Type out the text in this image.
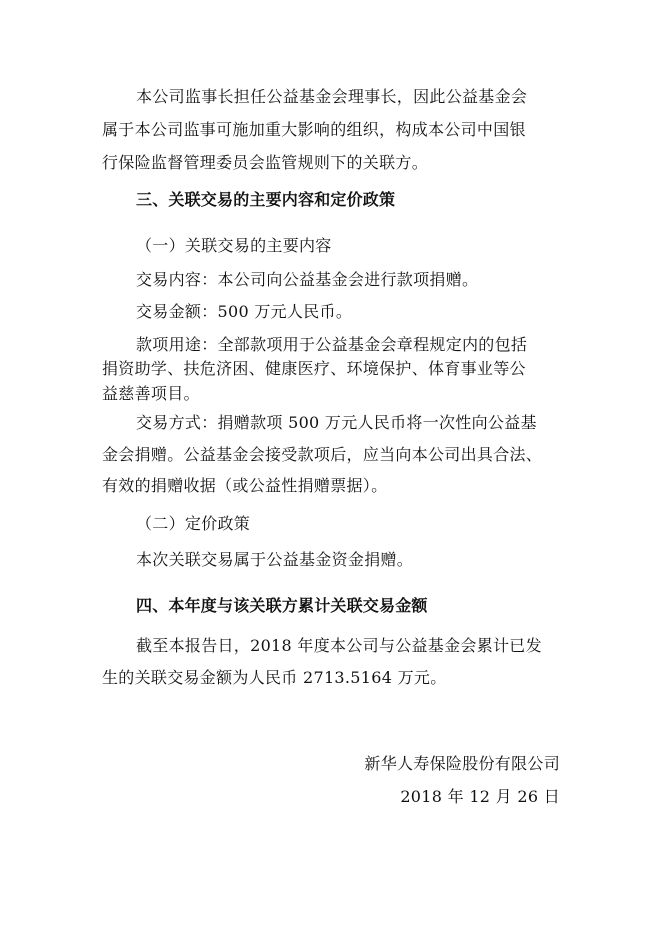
本公司监事长担任公益基金会理事长，因此公益基金会
属于本公司监事可施加重大影响的组织，构成本公司中国银
行保险监督管理委员会监管规则下的关联方。
三、关联交易的主要内容和定价政策
（一）关联交易的主要内容
交易内容：本公司向公益基金会进行款项捐赠。
交易金额：500 万元人民币。
款项用途：全部款项用于公益基金会章程规定内的包括
捐资助学、扶危济困、健康医疗、环境保护、体育事业等公
益慈善项目。
交易方式：捐赠款项 500 万元人民币将一次性向公益基
金会捐赠。公益基金会接受款项后，应当向本公司出具合法、
有效的捐赠收据（或公益性捐赠票据）。
（二）定价政策
本次关联交易属于公益基金资金捐赠。
四、本年度与该关联方累计关联交易金额
截至本报告日，2018 年度本公司与公益基金会累计已发
生的关联交易金额为人民币 2713.5164 万元。
新华人寿保险股份有限公司
2018 年 12 月 26 日
